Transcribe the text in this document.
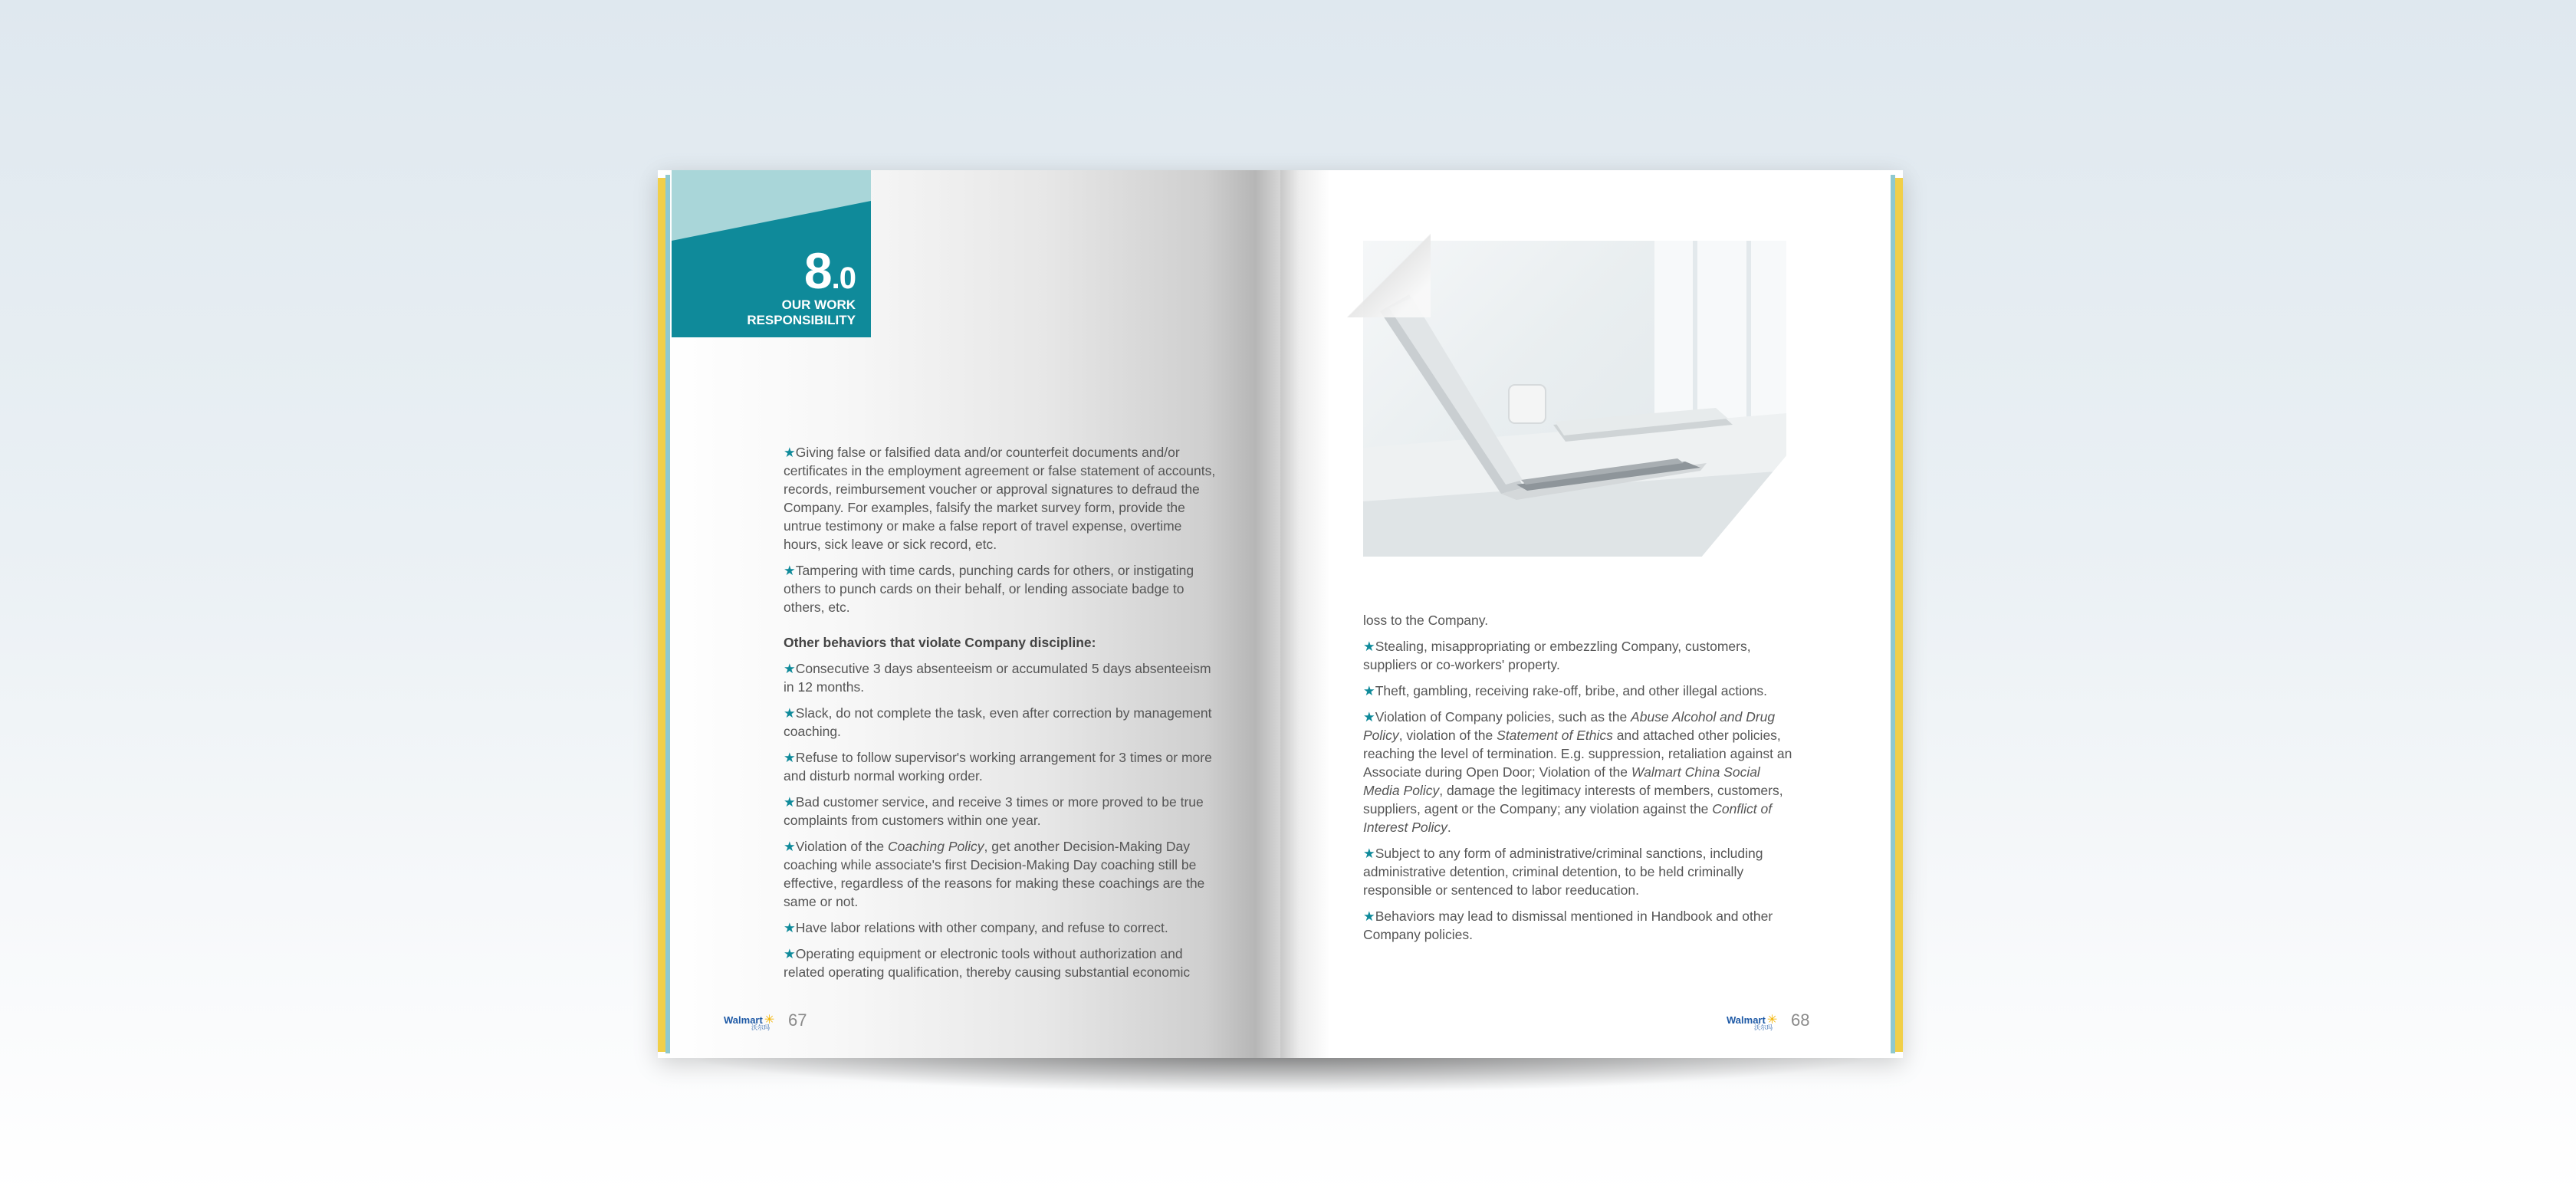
8.0
OUR WORK
RESPONSIBILITY

★Giving false or falsified data and/or counterfeit documents and/or certificates in the employment agreement or false statement of accounts, records, reimbursement voucher or approval signatures to defraud the Company. For examples, falsify the market survey form, provide the untrue testimony or make a false report of travel expense, overtime hours, sick leave or sick record, etc.

★Tampering with time cards, punching cards for others, or instigating others to punch cards on their behalf, or lending associate badge to others, etc.

Other behaviors that violate Company discipline:

★Consecutive 3 days absenteeism or accumulated 5 days absenteeism in 12 months.

★Slack, do not complete the task, even after correction by management coaching.

★Refuse to follow supervisor's working arrangement for 3 times or more and disturb normal working order.

★Bad customer service, and receive 3 times or more proved to be true complaints from customers within one year.

★Violation of the Coaching Policy, get another Decision-Making Day coaching while associate's first Decision-Making Day coaching still be effective, regardless of the reasons for making these coachings are the same or not.

★Have labor relations with other company, and refuse to correct.

★Operating equipment or electronic tools without authorization and related operating qualification, thereby causing substantial economic

Walmart ✳
沃尔玛 67

loss to the Company.

★Stealing, misappropriating or embezzling Company, customers, suppliers or co-workers' property.

★Theft, gambling, receiving rake-off, bribe, and other illegal actions.

★Violation of Company policies, such as the Abuse Alcohol and Drug Policy, violation of the Statement of Ethics and attached other policies, reaching the level of termination. E.g. suppression, retaliation against an Associate during Open Door; Violation of the Walmart China Social Media Policy, damage the legitimacy interests of members, customers, suppliers, agent or the Company; any violation against the Conflict of Interest Policy.

★Subject to any form of administrative/criminal sanctions, including administrative detention, criminal detention, to be held criminally responsible or sentenced to labor reeducation.

★Behaviors may lead to dismissal mentioned in Handbook and other Company policies.

Walmart ✳
沃尔玛 68
